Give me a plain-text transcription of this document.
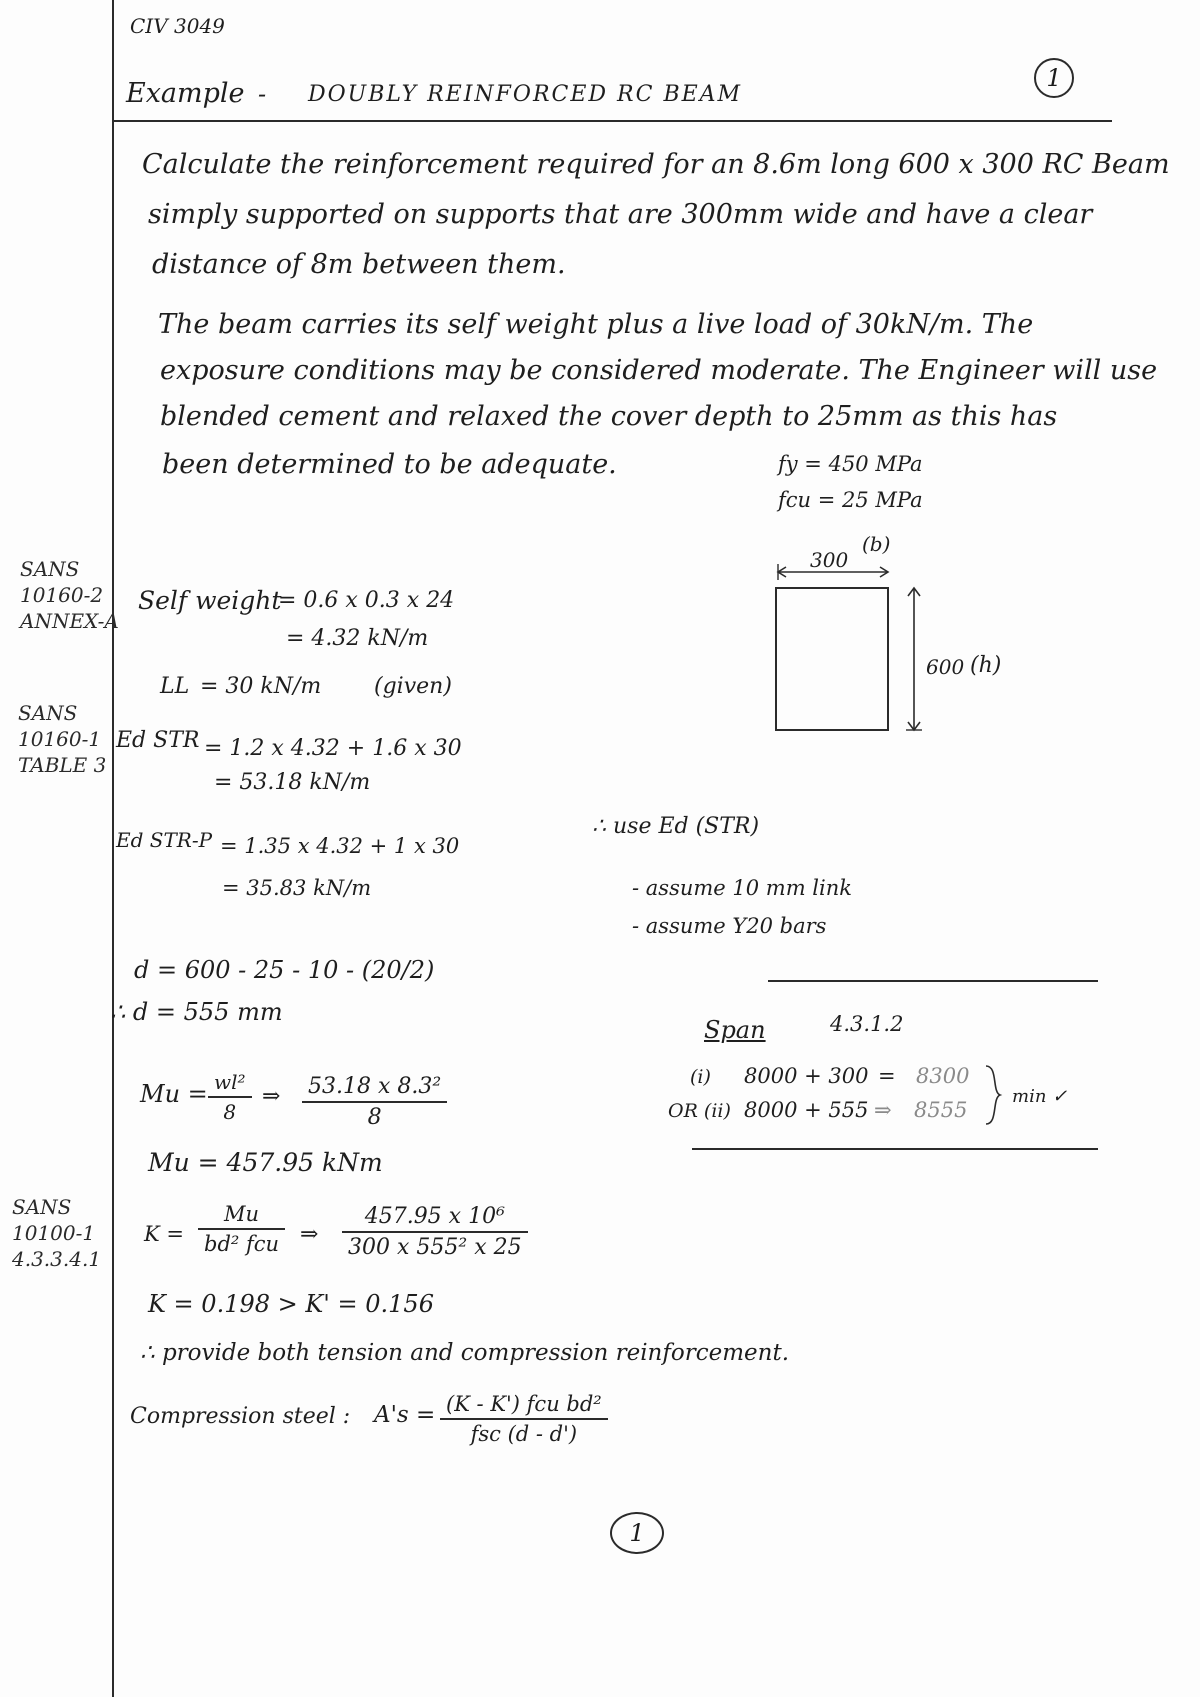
CIV 3049
Example - DOUBLY REINFORCED RC BEAM
1
Calculate the reinforcement required for an 8.6m long 600 x 300 RC Beam
simply supported on supports that are 300mm wide and have a clear
distance of 8m between them.
The beam carries its self weight plus a live load of 30kN/m. The
exposure conditions may be considered moderate. The Engineer will use
blended cement and relaxed the cover depth to 25mm as this has
been determined to be adequate.	fy = 450 MPa
fcu = 25 MPa
SANS
10160-2
ANNEX-A
SANS
10160-1
TABLE 3
SANS
10100-1
4.3.3.4.1
300
(b)
600 (h)
Self weight
= 0.6 x 0.3 x 24
= 4.32 kN/m
LL = 30 kN/m (given)
Ed STR = 1.2 x 4.32 + 1.6 x 30
= 53.18 kN/m
Ed STR-P = 1.35 x 4.32 + 1 x 30
= 35.83 kN/m
∴ use Ed (STR)
- assume 10 mm link
- assume Y20 bars
d = 600 - 25 - 10 - (20/2)
∴ d = 555 mm
Span	4.3.1.2
(i) 8000 + 300 = 8300
OR (ii) 8000 + 555 ⇒ 8555
min ✓
Mu = wl²
8
⇒ 53.18 x 8.3²
8
Mu = 457.95 kNm
K =
Mu
bd² fcu ⇒
457.95 x 10⁶
300 x 555² x 25
K = 0.198 > K' = 0.156
∴ provide both tension and compression reinforcement.
Compression steel : A's = (K - K') fcu bd²
fsc (d - d')
1
